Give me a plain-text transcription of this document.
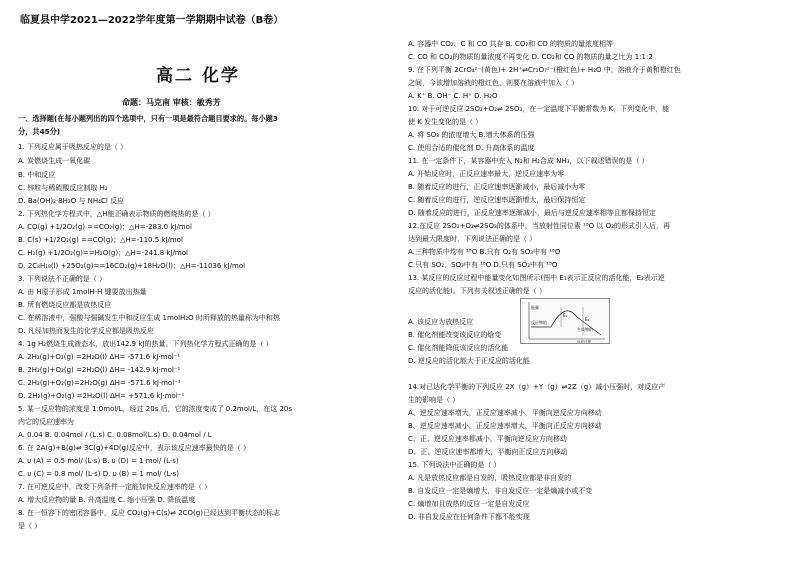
临夏县中学2021—2022学年度第一学期期中试卷（B卷）
高二 化学
命题：马克南 审核：敏秀芳
一、选择题(在每小题列出的四个选项中，只有一项是最符合题目要求的。每小题3
分，共45分)
1. 下列反应属于吸热反应的是（ ）
A. 炭燃烧生成一氧化碳
B. 中和反应
C. 锌粒与稀硫酸反应制取 H₂
D. Ba(OH)₂·8H₂O 与 NH₄Cl 反应
2. 下列热化学方程式中，△H能正确表示物质的燃烧热的是（ ）
A. CO(g) +1/2O₂(g) ==CO₂(g)；△H=-283.0 kJ/mol
B. C(s) +1/2O₂(g) ==CO(g)；△H=-110.5 kJ/mol
C. H₂(g) +1/2O₂(g)==H₂O(g)；△H=-241.8 kJ/mol
D. 2C₈H₁₈(l) +25O₂(g)==16CO₂(g)+18H₂O(l)；△H=-11036 kJ/mol
3. 下列说法不正确的是（ ）
A. 由 H原子形成 1molH-H 键要放出热量
B. 所有燃烧反应都是放热反应
C. 在稀溶液中，强酸与强碱发生中和反应生成 1molH₂O 时所释放的热量称为中和热
D. 凡经加热而发生的化学反应都是吸热反应
4. 1g H₂燃烧生成液态水，放出142.9 kJ的热量。下列热化学方程式正确的是（ ）
A. 2H₂(g)+O₂(g) =2H₂O(l) ΔH= -571.6 kJ·mol⁻¹
B. 2H₂(g)+O₂(g) =2H₂O(l) ΔH= -142.9 kJ·mol⁻¹
C. 2H₂(g)+O₂(g)=2H₂O(g) ΔH= -571.6 kJ·mol⁻¹
D. 2H₂(g)+O₂(g) =2H₂O(l) ΔH= +571.6 kJ·mol⁻¹
5. 某一反应物的浓度是 1.0mol/L，经过 20s 后，它的浓度变成了 0.2mol/L，在这 20s
内它的反应速率为
A. 0.04 B. 0.04mol / (L.s) C. 0.08mol(L.s) D. 0.04mol / L
6. 在 2A(g)+B(g)⇌ 3C(g)+4D(g)反应中，表示该反应速率最快的是（ ）
A. υ (A) = 0.5 mol/ (L·s) B. υ (D) = 1 mol/ (L·s)
C. υ (C) = 0.8 mol/ (L·s) D. υ (B) = 1 mol/ (L·s)
7. 在可逆反应中，改变下列条件一定能加快反应速率的是（ ）
A. 增大反应物的量 B. 升高温度 C. 缩小压强 D. 降低温度
8. 在一恒容下的密闭容器中，反应 CO₂(g)+C(s)⇌ 2CO(g)已经达到平衡状态的标志
是（ ）
A. 容器中 CO₂、C 和 CO 共存 B. CO₂和 CO 的物质的量浓度相等
C. CO 和 CO₂的物质的量浓度不再变化 D. CO₂和 CO 的物质的量之比为 1:1:2
9. 在下列平衡 2CrO₄²⁻(黄色)+ 2H⁺⇌Cr₂O₇²⁻(橙红色)+ H₂O 中，溶液介于黄和橙红色
之间，今欲增加溶液的橙红色，则要在溶液中加入（ ）
A. K⁺ B. OH⁻ C. H⁺ D. H₂O
10. 对于可逆反应 2SO₂+O₂⇌ 2SO₃，在一定温度下平衡常数为 K，下列变化中，能
使 K 发生变化的是（ ）
A. 将 SO₃ 的浓度增大 B.增大体系的压强
C. 使用合适的催化剂 D. 升高体系的温度
11. 在一定条件下，某容器中充入 N₂和 H₂合成 NH₃，以下叙述错误的是（ ）
A. 开始反应时，正反应速率最大，逆反应速率为零
B. 随着反应的进行，正反应速率逐渐减小，最后减小为零
C. 随着反应的进行，逆反应速率逐渐增大，最后保持恒定
D. 随着反应的进行，正反应速率逐渐减小，最后与逆反应速率相等且都保持恒定
12.在反应 2SO₂+O₂⇌2SO₃的体系中，当放射性同位素 ¹⁸O 以 O₂的形式引入后，再
达到最大限度时，下列说法正确的是（ ）
A.三种物质中均有 ¹⁸O B.只有 O₂有 SO₃中有 ¹⁸O
C.只有 SO₂、SO₃中有 ¹⁸O D.只有 SO₂中有 ¹⁸O
13. 某反应的反应过程中能量变化如图所示(图中 E₁表示正反应的活化能，E₂表示逆
反应的活化能)。下列有关叙述正确的是（ ）
A. 该反应为放热反应
B. 催化剂能改变该反应的焓变
C. 催化剂能降低该反应的活化能
D. 逆反应的活化能大于正反应的活化能
14.对已达化学平衡的下列反应 2X（g）+Y（g）⇌2Z（g）减小压强时，对反应产
生的影响是（ ）
A、逆反应速率增大，正反应速率减小，平衡向逆反应方向移动
B、逆反应速率减小，正反应速率增大，平衡向正反应方向移动
C、正、逆反应速率都减小，平衡向逆反应方向移动
D、正、逆反应速率都增大，平衡向正反应方向移动
15. 下列说法中正确的是（ ）
A. 凡是放热反应都是自发的，吸热反应都是非自发的
B. 自发反应一定是熵增大，非自发反应一定是熵减小或不变
C. 熵增加且放热的反应一定是自发反应
D. 非自发反应在任何条件下都不能实现
能量
反应物的
生成物的
E₁
E₂
反应过程
